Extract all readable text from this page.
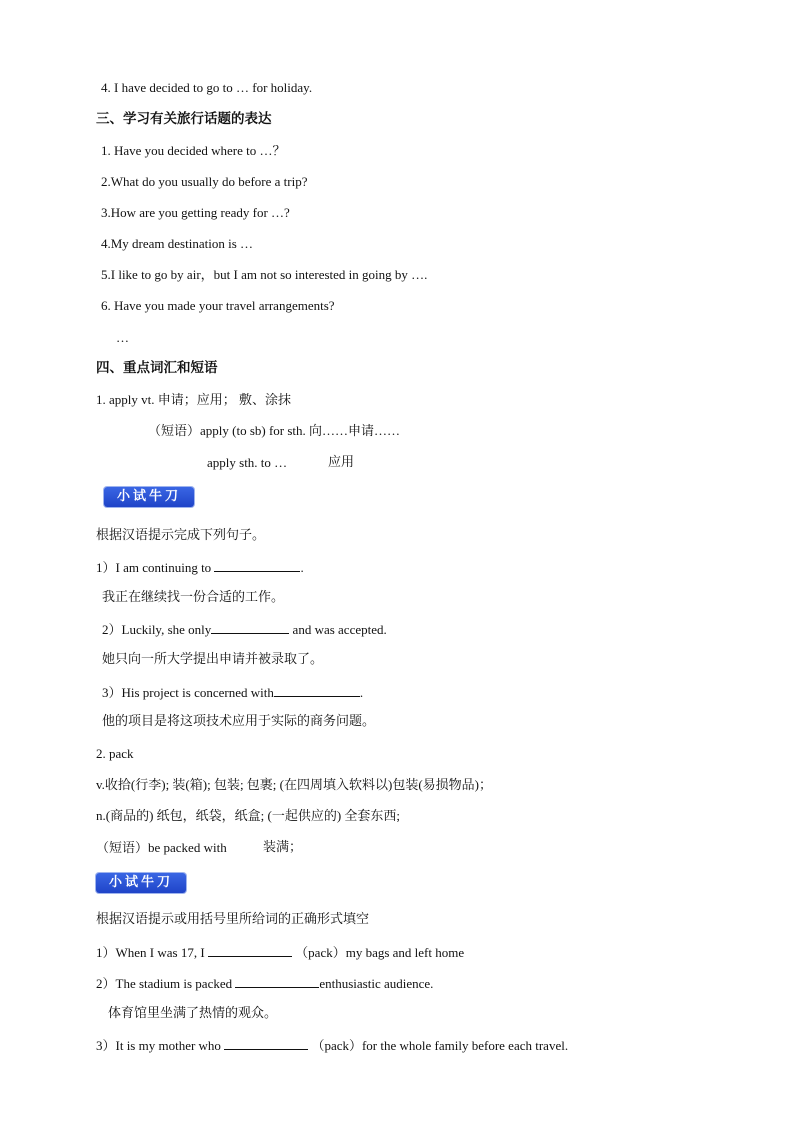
4. I have decided to go to … for holiday.
三、学习有关旅行话题的表达
1. Have you decided where to …？
2.What do you usually do before a trip?
3.How are you getting ready for …?
4.My dream destination is …
5.I like to go by air，but I am not so interested in going by ….
6. Have you made your travel arrangements?
…
四、重点词汇和短语
1. apply vt. 申请；应用； 敷、涂抹
（短语）apply (to sb) for sth. 向……申请……
apply sth. to …	应用
小试牛刀
根据汉语提示完成下列句子。
1）I am continuing to	.
我正在继续找一份合适的工作。
2）Luckily, she only	and was accepted.
她只向一所大学提出申请并被录取了。
3）His project is concerned with	.
他的项目是将这项技术应用于实际的商务问题。
2. pack
v.收拾(行李); 装(箱); 包装; 包裹; (在四周填入软料以)包装(易损物品)；
n.(商品的) 纸包，纸袋，纸盒; (一起供应的) 全套东西;
（短语）be packed with	装满；
小试牛刀
根据汉语提示或用括号里所给词的正确形式填空
1）When I was 17, I	（pack）my bags and left home
2）The stadium is packed	enthusiastic audience.
体育馆里坐满了热情的观众。
3）It is my mother who	（pack）for the whole family before each travel.
